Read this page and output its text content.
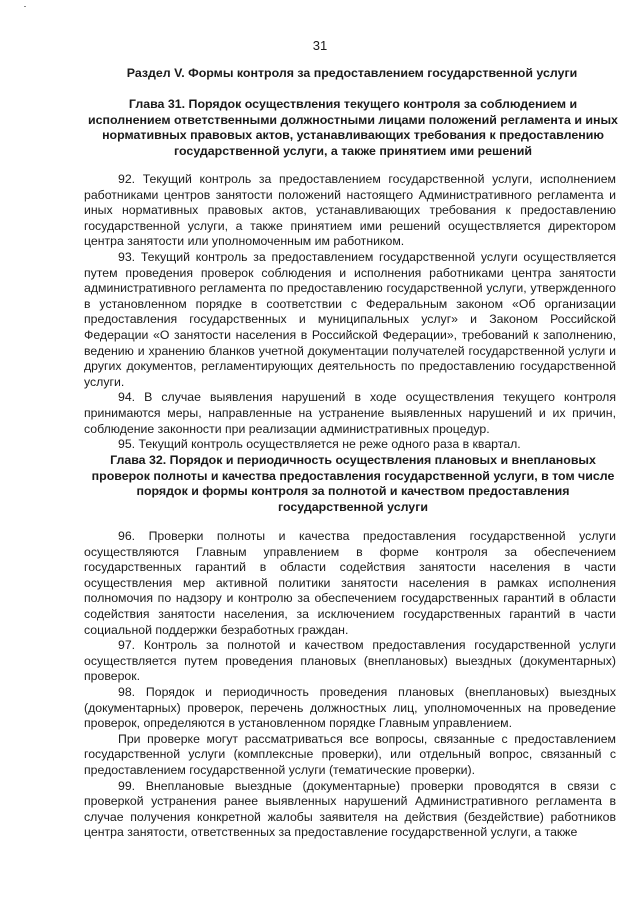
31
Раздел V. Формы контроля за предоставлением государственной услуги
Глава 31. Порядок осуществления текущего контроля за соблюдением и исполнением ответственными должностными лицами положений регламента и иных нормативных правовых актов, устанавливающих требования к предоставлению государственной услуги, а также принятием ими решений

92. Текущий контроль за предоставлением государственной услуги, исполнением работниками центров занятости положений настоящего Административного регламента и иных нормативных правовых актов, устанавливающих требования к предоставлению государственной услуги, а также принятием ими решений осуществляется директором центра занятости или уполномоченным им работником.

93. Текущий контроль за предоставлением государственной услуги осуществляется путем проведения проверок соблюдения и исполнения работниками центра занятости административного регламента по предоставлению государственной услуги, утвержденного в установленном порядке в соответствии с Федеральным законом «Об организации предоставления государственных и муниципальных услуг» и Законом Российской Федерации «О занятости населения в Российской Федерации», требований к заполнению, ведению и хранению бланков учетной документации получателей государственной услуги и других документов, регламентирующих деятельность по предоставлению государственной услуги.

94. В случае выявления нарушений в ходе осуществления текущего контроля принимаются меры, направленные на устранение выявленных нарушений и их причин, соблюдение законности при реализации административных процедур.

95. Текущий контроль осуществляется не реже одного раза в квартал.

Глава 32. Порядок и периодичность осуществления плановых и внеплановых проверок полноты и качества предоставления государственной услуги, в том числе порядок и формы контроля за полнотой и качеством предоставления государственной услуги

96. Проверки полноты и качества предоставления государственной услуги осуществляются Главным управлением в форме контроля за обеспечением государственных гарантий в области содействия занятости населения в части осуществления мер активной политики занятости населения в рамках исполнения полномочия по надзору и контролю за обеспечением государственных гарантий в области содействия занятости населения, за исключением государственных гарантий в части социальной поддержки безработных граждан.

97. Контроль за полнотой и качеством предоставления государственной услуги осуществляется путем проведения плановых (внеплановых) выездных (документарных) проверок.

98. Порядок и периодичность проведения плановых (внеплановых) выездных (документарных) проверок, перечень должностных лиц, уполномоченных на проведение проверок, определяются в установленном порядке Главным управлением.

При проверке могут рассматриваться все вопросы, связанные с предоставлением государственной услуги (комплексные проверки), или отдельный вопрос, связанный с предоставлением государственной услуги (тематические проверки).

99. Внеплановые выездные (документарные) проверки проводятся в связи с проверкой устранения ранее выявленных нарушений Административного регламента в случае получения конкретной жалобы заявителя на действия (бездействие) работников центра занятости, ответственных за предоставление государственной услуги, а также
